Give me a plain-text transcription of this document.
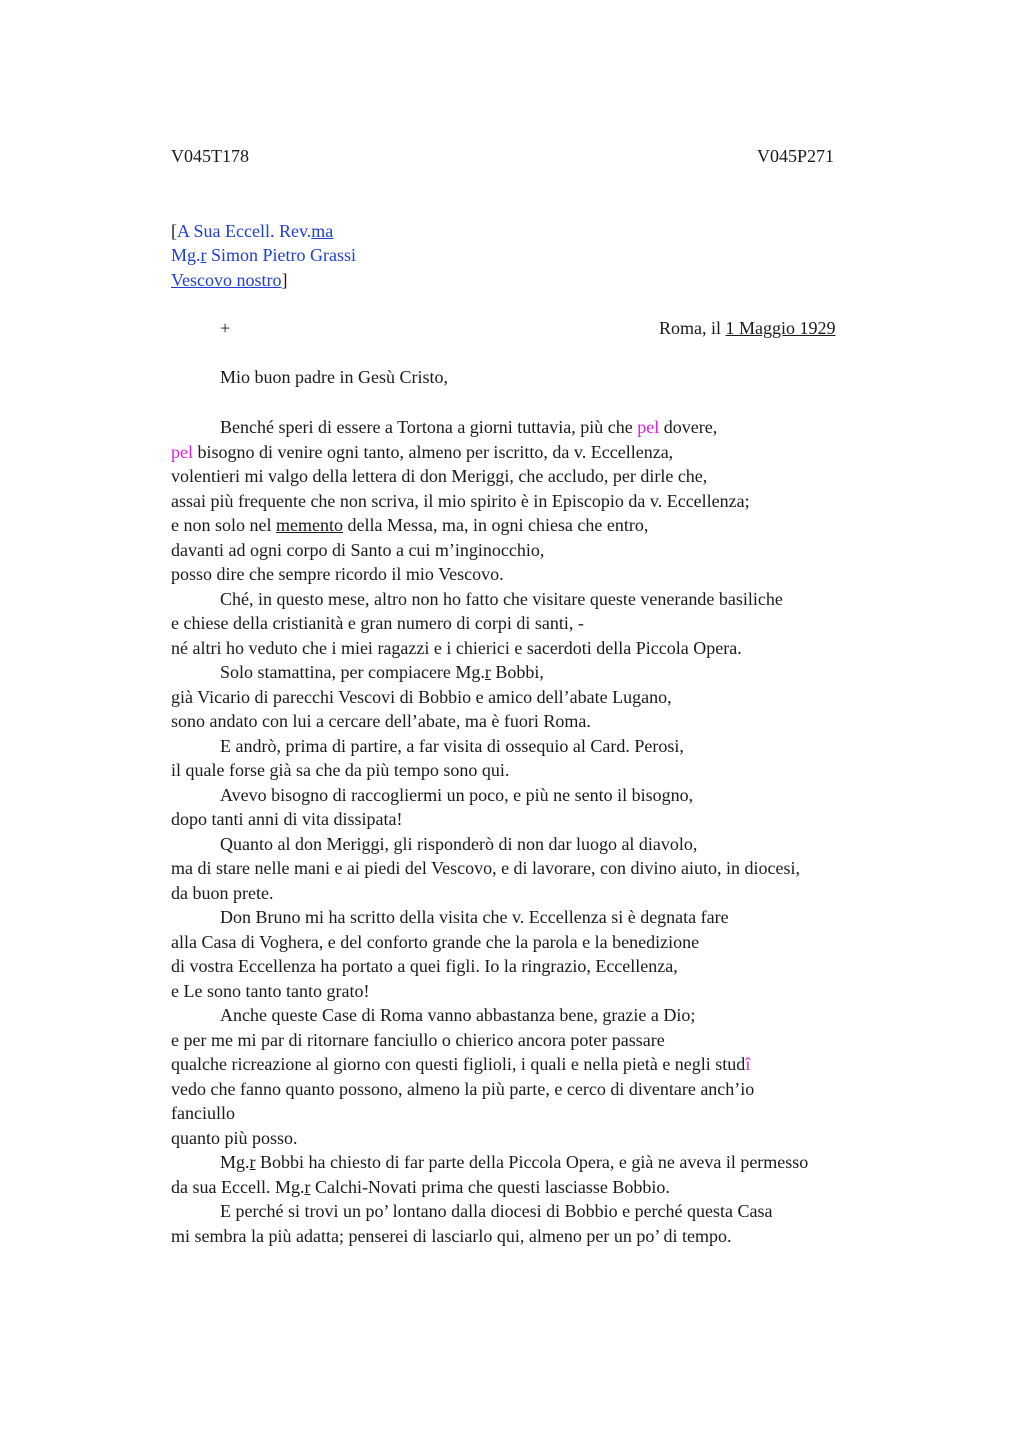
V045T178	V045P271
[A Sua Eccell. Rev.ma
Mg.r Simon Pietro Grassi
Vescovo nostro]
+	Roma, il 1 Maggio 1929
Mio buon padre in Gesù Cristo,
Benché speri di essere a Tortona a giorni tuttavia, più che pel dovere,
pel bisogno di venire ogni tanto, almeno per iscritto, da v. Eccellenza,
volentieri mi valgo della lettera di don Meriggi, che accludo, per dirle che,
assai più frequente che non scriva, il mio spirito è in Episcopio da v. Eccellenza;
e non solo nel memento della Messa, ma, in ogni chiesa che entro,
davanti ad ogni corpo di Santo a cui m’inginocchio,
posso dire che sempre ricordo il mio Vescovo.
Ché, in questo mese, altro non ho fatto che visitare queste venerande basiliche
e chiese della cristianità e gran numero di corpi di santi, -
né altri ho veduto che i miei ragazzi e i chierici e sacerdoti della Piccola Opera.
Solo stamattina, per compiacere Mg.r Bobbi,
già Vicario di parecchi Vescovi di Bobbio e amico dell’abate Lugano,
sono andato con lui a cercare dell’abate, ma è fuori Roma.
E andrò, prima di partire, a far visita di ossequio al Card. Perosi,
il quale forse già sa che da più tempo sono qui.
Avevo bisogno di raccogliermi un poco, e più ne sento il bisogno,
dopo tanti anni di vita dissipata!
Quanto al don Meriggi, gli risponderò di non dar luogo al diavolo,
ma di stare nelle mani e ai piedi del Vescovo, e di lavorare, con divino aiuto, in diocesi,
da buon prete.
Don Bruno mi ha scritto della visita che v. Eccellenza si è degnata fare
alla Casa di Voghera, e del conforto grande che la parola e la benedizione
di vostra Eccellenza ha portato a quei figli. Io la ringrazio, Eccellenza,
e Le sono tanto tanto grato!
Anche queste Case di Roma vanno abbastanza bene, grazie a Dio;
e per me mi par di ritornare fanciullo o chierico ancora poter passare
qualche ricreazione al giorno con questi figlioli, i quali e nella pietà e negli studî
vedo che fanno quanto possono, almeno la più parte, e cerco di diventare anch’io
fanciullo
quanto più posso.
Mg.r Bobbi ha chiesto di far parte della Piccola Opera, e già ne aveva il permesso
da sua Eccell. Mg.r Calchi-Novati prima che questi lasciasse Bobbio.
E perché si trovi un po’ lontano dalla diocesi di Bobbio e perché questa Casa
mi sembra la più adatta; penserei di lasciarlo qui, almeno per un po’ di tempo.
